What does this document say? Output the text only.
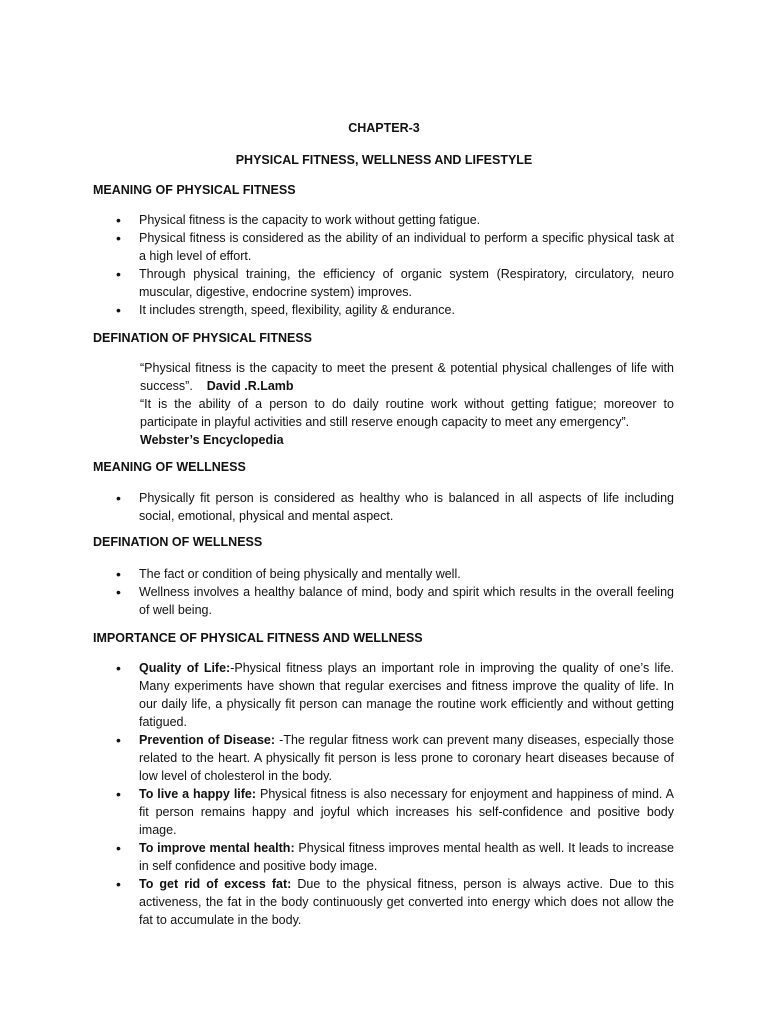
CHAPTER-3
PHYSICAL FITNESS, WELLNESS AND LIFESTYLE
MEANING OF PHYSICAL FITNESS
• Physical fitness is the capacity to work without getting fatigue.
• Physical fitness is considered as the ability of an individual to perform a specific physical task at a high level of effort.
• Through physical training, the efficiency of organic system (Respiratory, circulatory, neuro muscular, digestive, endocrine system) improves.
• It includes strength, speed, flexibility, agility & endurance.
DEFINATION OF PHYSICAL FITNESS
“Physical fitness is the capacity to meet the present & potential physical challenges of life with success”. David .R.Lamb
“It is the ability of a person to do daily routine work without getting fatigue; moreover to participate in playful activities and still reserve enough capacity to meet any emergency”.
Webster’s Encyclopedia
MEANING OF WELLNESS
• Physically fit person is considered as healthy who is balanced in all aspects of life including social, emotional, physical and mental aspect.
DEFINATION OF WELLNESS
• The fact or condition of being physically and mentally well.
• Wellness involves a healthy balance of mind, body and spirit which results in the overall feeling of well being.
IMPORTANCE OF PHYSICAL FITNESS AND WELLNESS
• Quality of Life:-Physical fitness plays an important role in improving the quality of one’s life. Many experiments have shown that regular exercises and fitness improve the quality of life. In our daily life, a physically fit person can manage the routine work efficiently and without getting fatigued.
• Prevention of Disease: -The regular fitness work can prevent many diseases, especially those related to the heart. A physically fit person is less prone to coronary heart diseases because of low level of cholesterol in the body.
• To live a happy life: Physical fitness is also necessary for enjoyment and happiness of mind. A fit person remains happy and joyful which increases his self-confidence and positive body image.
• To improve mental health: Physical fitness improves mental health as well. It leads to increase in self confidence and positive body image.
• To get rid of excess fat: Due to the physical fitness, person is always active. Due to this activeness, the fat in the body continuously get converted into energy which does not allow the fat to accumulate in the body.
